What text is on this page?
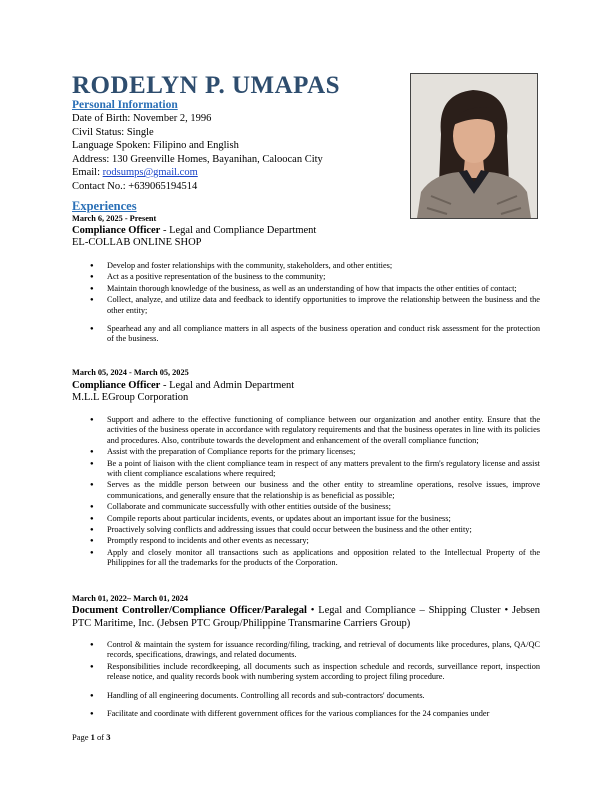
RODELYN P. UMAPAS
Personal Information
Date of Birth: November 2, 1996
Civil Status: Single
Language Spoken: Filipino and English
Address: 130 Greenville Homes, Bayanihan, Caloocan City
Email: rodsumps@gmail.com
Contact No.: +639065194514
Experiences
March 6, 2025 - Present
Compliance Officer - Legal and Compliance Department
EL-COLLAB ONLINE SHOP
● Develop and foster relationships with the community, stakeholders, and other entities;
● Act as a positive representation of the business to the community;
● Maintain thorough knowledge of the business, as well as an understanding of how that impacts the other entities of contact;
● Collect, analyze, and utilize data and feedback to identify opportunities to improve the relationship between the business and the other entity;
● Spearhead any and all compliance matters in all aspects of the business operation and conduct risk assessment for the protection of the business.
March 05, 2024 - March 05, 2025
Compliance Officer - Legal and Admin Department
M.L.L EGroup Corporation
● Support and adhere to the effective functioning of compliance between our organization and another entity. Ensure that the activities of the business operate in accordance with regulatory requirements and that the business operates in line with its policies and procedures. Also, contribute towards the development and enhancement of the overall compliance function;
● Assist with the preparation of Compliance reports for the primary licenses;
● Be a point of liaison with the client compliance team in respect of any matters prevalent to the firm's regulatory license and assist with client compliance escalations where required;
● Serves as the middle person between our business and the other entity to streamline operations, resolve issues, improve communications, and generally ensure that the relationship is as beneficial as possible;
● Collaborate and communicate successfully with other entities outside of the business;
● Compile reports about particular incidents, events, or updates about an important issue for the business;
● Proactively solving conflicts and addressing issues that could occur between the business and the other entity;
● Promptly respond to incidents and other events as necessary;
● Apply and closely monitor all transactions such as applications and opposition related to the Intellectual Property of the Philippines for all the trademarks for the products of the Corporation.
March 01, 2022– March 01, 2024
Document Controller/Compliance Officer/Paralegal • Legal and Compliance – Shipping Cluster • Jebsen PTC Maritime, Inc. (Jebsen PTC Group/Philippine Transmarine Carriers Group)
● Control & maintain the system for issuance recording/filing, tracking, and retrieval of documents like procedures, plans, QA/QC records, specifications, drawings, and related documents.
● Responsibilities include recordkeeping, all documents such as inspection schedule and records, surveillance report, inspection release notice, and quality records book with numbering system according to project filing procedure.
● Handling of all engineering documents. Controlling all records and sub-contractors' documents.
● Facilitate and coordinate with different government offices for the various compliances for the 24 companies under
Page 1 of 3
